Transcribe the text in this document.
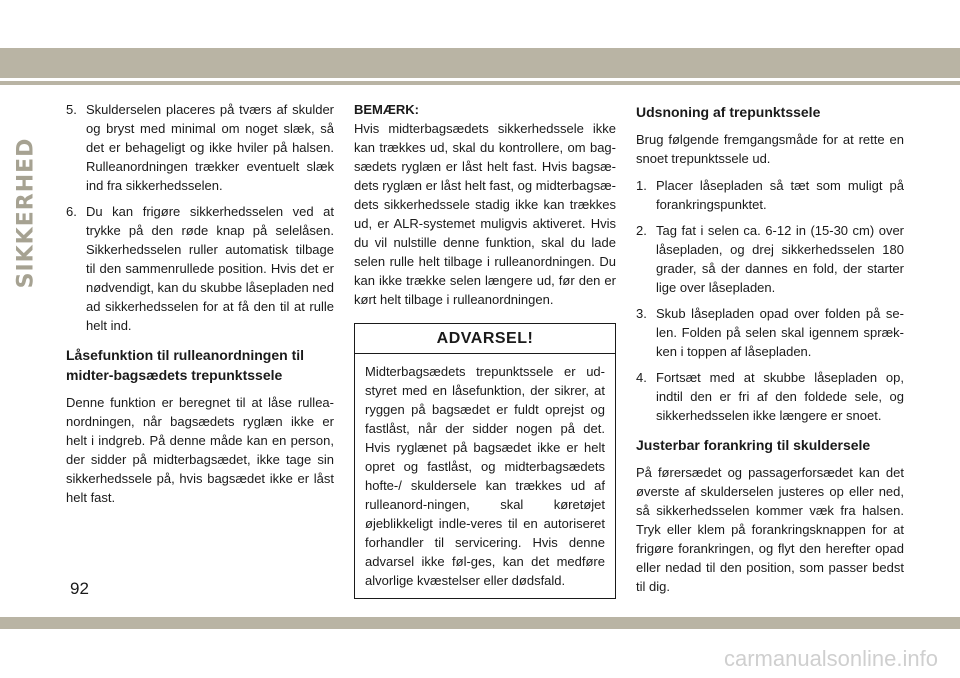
SIKKERHED
5. Skulderselen placeres på tværs af skulder og bryst med minimal om noget slæk, så det er behageligt og ikke hviler på halsen. Rulleanordningen trækker eventuelt slæk ind fra sikkerhedsselen.
6. Du kan frigøre sikkerhedsselen ved at trykke på den røde knap på selelåsen. Sikkerhedsselen ruller automatisk tilbage til den sammenrullede position. Hvis det er nødvendigt, kan du skubbe låsepladen ned ad sikkerhedsselen for at få den til at rulle helt ind.
Låsefunktion til rulleanordningen til midter-bagsædets trepunktssele

Denne funktion er beregnet til at låse rullea-nordningen, når bagsædets ryglæn ikke er helt i indgreb. På denne måde kan en person, der sidder på midterbagsædet, ikke tage sin sikkerhedssele på, hvis bagsædet ikke er låst helt fast.

BEMÆRK:

Hvis midterbagsædets sikkerhedssele ikke kan trækkes ud, skal du kontrollere, om bag-sædets ryglæn er låst helt fast. Hvis bagsæ-dets ryglæn er låst helt fast, og midterbagsæ-dets sikkerhedssele stadig ikke kan trækkes ud, er ALR-systemet muligvis aktiveret. Hvis du vil nulstille denne funktion, skal du lade selen rulle helt tilbage i rulleanordningen. Du kan ikke trække selen længere ud, før den er kørt helt tilbage i rulleanordningen.

ADVARSEL!

Midterbagsædets trepunktssele er ud-styret med en låsefunktion, der sikrer, at ryggen på bagsædet er fuldt oprejst og fastlåst, når der sidder nogen på det. Hvis ryglænet på bagsædet ikke er helt opret og fastlåst, og midterbagsædets hofte-/ skuldersele kan trækkes ud af rulleanord-ningen, skal køretøjet øjeblikkeligt indle-veres til en autoriseret forhandler til servicering. Hvis denne advarsel ikke føl-ges, kan det medføre alvorlige kvæstelser eller dødsfald.

Udsnoning af trepunktssele

Brug følgende fremgangsmåde for at rette en snoet trepunktssele ud.

1. Placer låsepladen så tæt som muligt på forankringspunktet.
2. Tag fat i selen ca. 6-12 in (15-30 cm) over låsepladen, og drej sikkerhedsselen 180 grader, så der dannes en fold, der starter lige over låsepladen.
3. Skub låsepladen opad over folden på se-len. Folden på selen skal igennem spræk-ken i toppen af låsepladen.
4. Fortsæt med at skubbe låsepladen op, indtil den er fri af den foldede sele, og sikkerhedsselen ikke længere er snoet.
Justerbar forankring til skuldersele

På førersædet og passagerforsædet kan det øverste af skulderselen justeres op eller ned, så sikkerhedsselen kommer væk fra halsen. Tryk eller klem på forankringsknappen for at frigøre forankringen, og flyt den herefter opad eller nedad til den position, som passer bedst til dig.

92
carmanualsonline.info
